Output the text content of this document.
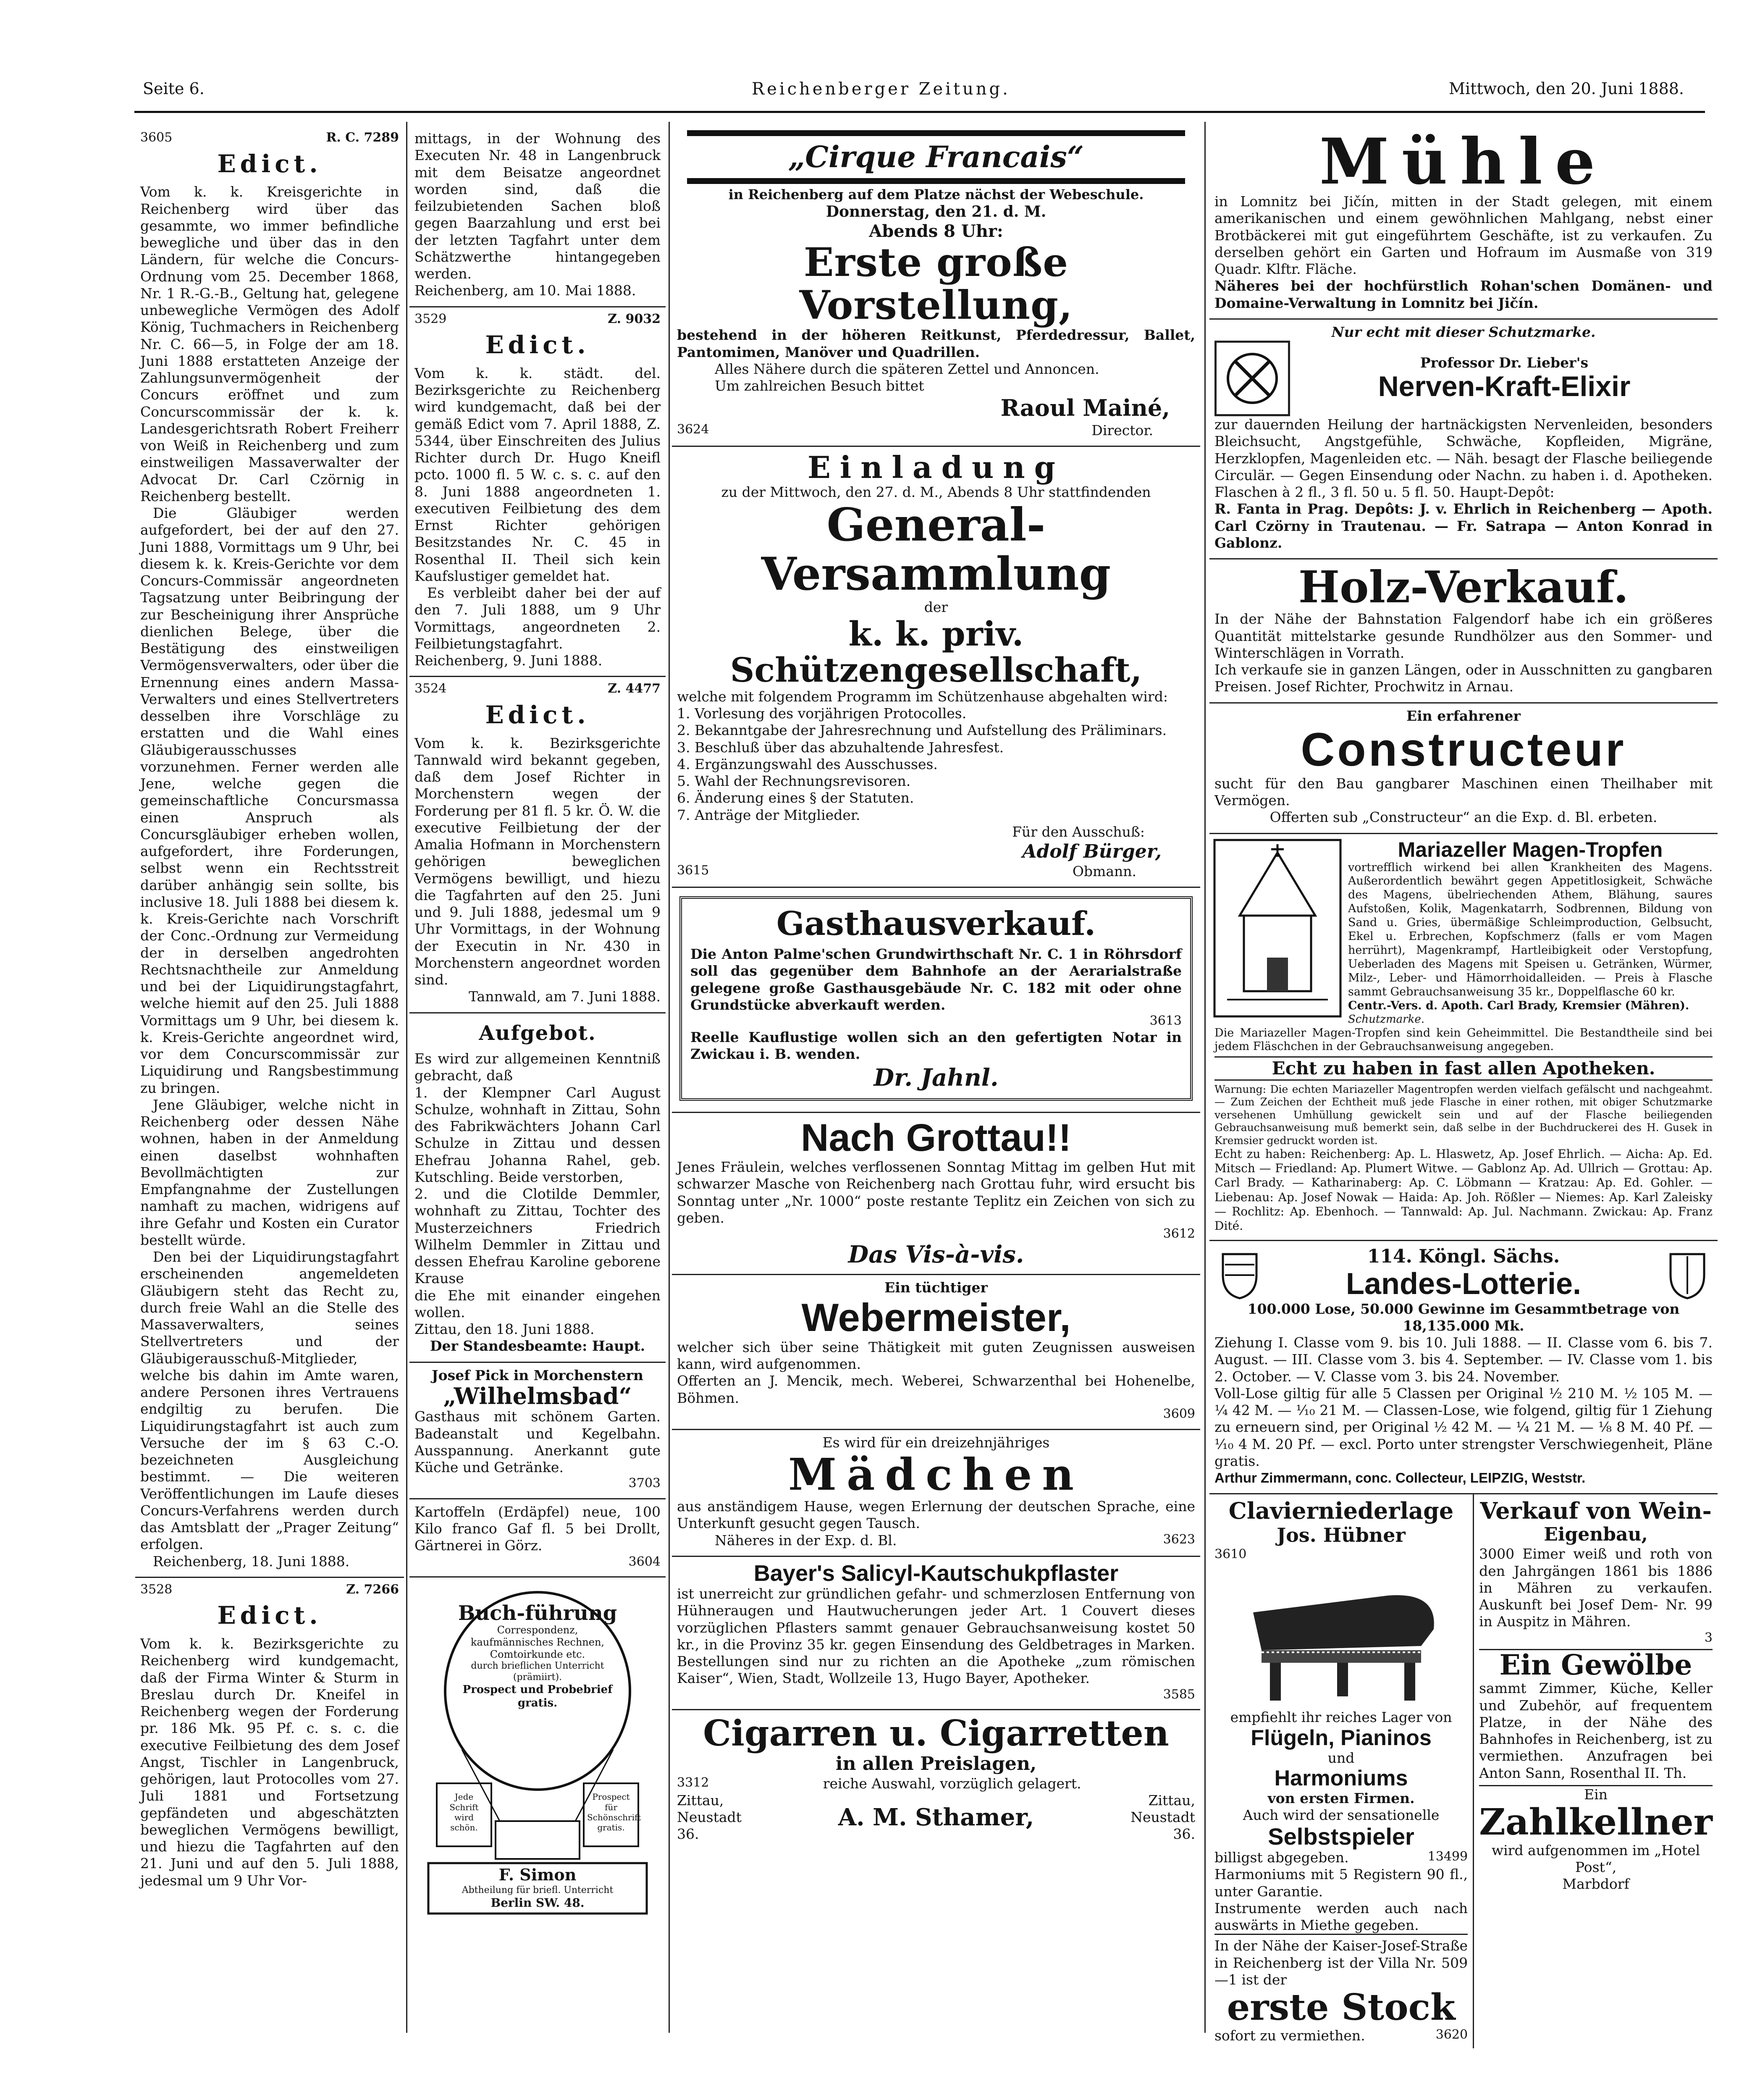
Seite 6.	Reichenberger Zeitung.	Mittwoch, den 20. Juni 1888.
3605	R. C. 7289
Edict.
Vom k. k. Kreisgerichte in Reichenberg wird über das gesammte, wo immer befindliche bewegliche und über das in den Ländern, für welche die Concurs-Ordnung vom 25. December 1868, Nr. 1 R.-G.-B., Geltung hat, gelegene unbewegliche Vermögen des Adolf König, Tuchmachers in Reichenberg Nr. C. 66—5, in Folge der am 18. Juni 1888 erstatteten Anzeige der Zahlungsunvermögenheit der Concurs eröffnet und zum Concurscommissär der k. k. Landesgerichtsrath Robert Freiherr von Weiß in Reichenberg und zum einstweiligen Massaverwalter der Advocat Dr. Carl Czörnig in Reichenberg bestellt.
Die Gläubiger werden aufgefordert, bei der auf den 27. Juni 1888, Vormittags um 9 Uhr, bei diesem k. k. Kreis-Gerichte vor dem Concurs-Commissär angeordneten Tagsatzung unter Beibringung der zur Bescheinigung ihrer Ansprüche dienlichen Belege, über die Bestätigung des einstweiligen Vermögensverwalters, oder über die Ernennung eines andern Massa-Verwalters und eines Stellvertreters desselben ihre Vorschläge zu erstatten und die Wahl eines Gläubigerausschusses vorzunehmen. Ferner werden alle Jene, welche gegen die gemeinschaftliche Concursmassa einen Anspruch als Concursgläubiger erheben wollen, aufgefordert, ihre Forderungen, selbst wenn ein Rechtsstreit darüber anhängig sein sollte, bis inclusive 18. Juli 1888 bei diesem k. k. Kreis-Gerichte nach Vorschrift der Conc.-Ordnung zur Vermeidung der in derselben angedrohten Rechtsnachtheile zur Anmeldung und bei der Liquidirungstagfahrt, welche hiemit auf den 25. Juli 1888 Vormittags um 9 Uhr, bei diesem k. k. Kreis-Gerichte angeordnet wird, vor dem Concurscommissär zur Liquidirung und Rangsbestimmung zu bringen.
Jene Gläubiger, welche nicht in Reichenberg oder dessen Nähe wohnen, haben in der Anmeldung einen daselbst wohnhaften Bevollmächtigten zur Empfangnahme der Zustellungen namhaft zu machen, widrigens auf ihre Gefahr und Kosten ein Curator bestellt würde.
Den bei der Liquidirungstagfahrt erscheinenden angemeldeten Gläubigern steht das Recht zu, durch freie Wahl an die Stelle des Massaverwalters, seines Stellvertreters und der Gläubigerausschuß-Mitglieder, welche bis dahin im Amte waren, andere Personen ihres Vertrauens endgiltig zu berufen. Die Liquidirungstagfahrt ist auch zum Versuche der im § 63 C.-O. bezeichneten Ausgleichung bestimmt. — Die weiteren Veröffentlichungen im Laufe dieses Concurs-Verfahrens werden durch das Amtsblatt der „Prager Zeitung“ erfolgen.
Reichenberg, 18. Juni 1888.
3528	Z. 7266
Edict.
Vom k. k. Bezirksgerichte zu Reichenberg wird kundgemacht, daß der Firma Winter & Sturm in Breslau durch Dr. Kneifel in Reichenberg wegen der Forderung pr. 186 Mk. 95 Pf. c. s. c. die executive Feilbietung des dem Josef Angst, Tischler in Langenbruck, gehörigen, laut Protocolles vom 27. Juli 1881 und Fortsetzung gepfändeten und abgeschätzten beweglichen Vermögens bewilligt, und hiezu die Tagfahrten auf den 21. Juni und auf den 5. Juli 1888, jedesmal um 9 Uhr Vor-
mittags, in der Wohnung des Executen Nr. 48 in Langenbruck mit dem Beisatze angeordnet worden sind, daß die feilzubietenden Sachen bloß gegen Baarzahlung und erst bei der letzten Tagfahrt unter dem Schätzwerthe hintangegeben werden.
Reichenberg, am 10. Mai 1888.
3529	Z. 9032
Edict.
Vom k. k. städt. del. Bezirksgerichte zu Reichenberg wird kundgemacht, daß bei der gemäß Edict vom 7. April 1888, Z. 5344, über Einschreiten des Julius Richter durch Dr. Hugo Kneifl pcto. 1000 fl. 5 W. c. s. c. auf den 8. Juni 1888 angeordneten 1. executiven Feilbietung des dem Ernst Richter gehörigen Besitzstandes Nr. C. 45 in Rosenthal II. Theil sich kein Kaufslustiger gemeldet hat.
Es verbleibt daher bei der auf den 7. Juli 1888, um 9 Uhr Vormittags, angeordneten 2. Feilbietungstagfahrt.
Reichenberg, 9. Juni 1888.
3524	Z. 4477
Edict.
Vom k. k. Bezirksgerichte Tannwald wird bekannt gegeben, daß dem Josef Richter in Morchenstern wegen der Forderung per 81 fl. 5 kr. Ö. W. die executive Feilbietung der der Amalia Hofmann in Morchenstern gehörigen beweglichen Vermögens bewilligt, und hiezu die Tagfahrten auf den 25. Juni und 9. Juli 1888, jedesmal um 9 Uhr Vormittags, in der Wohnung der Executin in Nr. 430 in Morchenstern angeordnet worden sind.
Tannwald, am 7. Juni 1888.
Aufgebot.
Es wird zur allgemeinen Kenntniß gebracht, daß
1. der Klempner Carl August Schulze, wohnhaft in Zittau, Sohn des Fabrikwächters Johann Carl Schulze in Zittau und dessen Ehefrau Johanna Rahel, geb. Kutschling. Beide verstorben,
2. und die Clotilde Demmler, wohnhaft zu Zittau, Tochter des Musterzeichners Friedrich Wilhelm Demmler in Zittau und dessen Ehefrau Karoline geborene Krause
die Ehe mit einander eingehen wollen.
Zittau, den 18. Juni 1888.
Der Standesbeamte: Haupt.
Josef Pick in Morchenstern
„Wilhelmsbad“
Gasthaus mit schönem Garten. Badeanstalt und Kegelbahn. Ausspannung. Anerkannt gute Küche und Getränke.
3703
Kartoffeln (Erdäpfel) neue, 100 Kilo franco Gaf fl. 5 bei Drollt, Gärtnerei in Görz.
3604
Buch-führung
Correspondenz,
kaufmännisches Rechnen,
Comtoirkunde etc.
durch brieflichen Unterricht
(prämiirt).
Prospect und Probebrief
gratis.
Jede Schrift wird schön.
Prospect für Schönschrift gratis.
F. Simon
Abtheilung für briefl. Unterricht
Berlin SW. 48.
„Cirque Francais“
in Reichenberg auf dem Platze nächst der Webeschule.
Donnerstag, den 21. d. M.
Abends 8 Uhr:
Erste große Vorstellung,
bestehend in der höheren Reitkunst, Pferdedressur, Ballet, Pantomimen, Manöver und Quadrillen.
Alles Nähere durch die späteren Zettel und Annoncen.
Um zahlreichen Besuch bittet
Raoul Mainé,
3624	Director.
Einladung
zu der Mittwoch, den 27. d. M., Abends 8 Uhr stattfindenden
General-Versammlung
der
k. k. priv. Schützengesellschaft,
welche mit folgendem Programm im Schützenhause abgehalten wird:
1. Vorlesung des vorjährigen Protocolles.
2. Bekanntgabe der Jahresrechnung und Aufstellung des Präliminars.
3. Beschluß über das abzuhaltende Jahresfest.
4. Ergänzungswahl des Ausschusses.
5. Wahl der Rechnungsrevisoren.
6. Änderung eines § der Statuten.
7. Anträge der Mitglieder.
Für den Ausschuß:
Adolf Bürger,
3615	Obmann.
Gasthausverkauf.
Die Anton Palme'schen Grundwirthschaft Nr. C. 1 in Röhrsdorf soll das gegenüber dem Bahnhofe an der Aerarialstraße gelegene große Gasthausgebäude Nr. C. 182 mit oder ohne Grundstücke abverkauft werden.
3613
Reelle Kauflustige wollen sich an den gefertigten Notar in Zwickau i. B. wenden.
Dr. Jahnl.
Nach Grottau!!
Jenes Fräulein, welches verflossenen Sonntag Mittag im gelben Hut mit schwarzer Masche von Reichenberg nach Grottau fuhr, wird ersucht bis Sonntag unter „Nr. 1000“ poste restante Teplitz ein Zeichen von sich zu geben.
3612
Das Vis-à-vis.
Ein tüchtiger
Webermeister,
welcher sich über seine Thätigkeit mit guten Zeugnissen ausweisen kann, wird aufgenommen.
Offerten an J. Mencik, mech. Weberei, Schwarzenthal bei Hohenelbe, Böhmen.
3609
Es wird für ein dreizehnjähriges
Mädchen
aus anständigem Hause, wegen Erlernung der deutschen Sprache, eine Unterkunft gesucht gegen Tausch.
Näheres in der Exp. d. Bl.	3623
Bayer's Salicyl-Kautschukpflaster
ist unerreicht zur gründlichen gefahr- und schmerzlosen Entfernung von Hühneraugen und Hautwucherungen jeder Art. 1 Couvert dieses vorzüglichen Pflasters sammt genauer Gebrauchsanweisung kostet 50 kr., in die Provinz 35 kr. gegen Einsendung des Geldbetrages in Marken. Bestellungen sind nur zu richten an die Apotheke „zum römischen Kaiser“, Wien, Stadt, Wollzeile 13, Hugo Bayer, Apotheker.
3585
Cigarren u. Cigarretten
in allen Preislagen,
3312	reiche Auswahl, vorzüglich gelagert.
Zittau, Neustadt 36.
A. M. Sthamer,
Zittau, Neustadt 36.
Mühle
in Lomnitz bei Jičín, mitten in der Stadt gelegen, mit einem amerikanischen und einem gewöhnlichen Mahlgang, nebst einer Brotbäckerei mit gut eingeführtem Geschäfte, ist zu verkaufen. Zu derselben gehört ein Garten und Hofraum im Ausmaße von 319 Quadr. Klftr. Fläche.
Näheres bei der hochfürstlich Rohan'schen Domänen- und Domaine-Verwaltung in Lomnitz bei Jičín.
Nur echt mit dieser Schutzmarke.
Professor Dr. Lieber's
Nerven-Kraft-Elixir
zur dauernden Heilung der hartnäckigsten Nervenleiden, besonders Bleichsucht, Angstgefühle, Schwäche, Kopfleiden, Migräne, Herzklopfen, Magenleiden etc. — Näh. besagt der Flasche beiliegende Circulär. — Gegen Einsendung oder Nachn. zu haben i. d. Apotheken. Flaschen à 2 fl., 3 fl. 50 u. 5 fl. 50. Haupt-Depôt:
R. Fanta in Prag. Depôts: J. v. Ehrlich in Reichenberg — Apoth. Carl Czörny in Trautenau. — Fr. Satrapa — Anton Konrad in Gablonz.
Holz-Verkauf.
In der Nähe der Bahnstation Falgendorf habe ich ein größeres Quantität mittelstarke gesunde Rundhölzer aus den Sommer- und Winterschlägen in Vorrath.
Ich verkaufe sie in ganzen Längen, oder in Ausschnitten zu gangbaren Preisen. Josef Richter, Prochwitz in Arnau.
Ein erfahrener
Constructeur
sucht für den Bau gangbarer Maschinen einen Theilhaber mit Vermögen.
Offerten sub „Constructeur“ an die Exp. d. Bl. erbeten.
Mariazeller Magen-Tropfen
vortrefflich wirkend bei allen Krankheiten des Magens. Außerordentlich bewährt gegen Appetitlosigkeit, Schwäche des Magens, übelriechenden Athem, Blähung, saures Aufstoßen, Kolik, Magenkatarrh, Sodbrennen, Bildung von Sand u. Gries, übermäßige Schleimproduction, Gelbsucht, Ekel u. Erbrechen, Kopfschmerz (falls er vom Magen herrührt), Magenkrampf, Hartleibigkeit oder Verstopfung, Ueberladen des Magens mit Speisen u. Getränken, Würmer, Milz-, Leber- und Hämorrhoidalleiden. — Preis à Flasche sammt Gebrauchsanweisung 35 kr., Doppelflasche 60 kr.
Centr.-Vers. d. Apoth. Carl Brady, Kremsier (Mähren).
Schutzmarke.
Die Mariazeller Magen-Tropfen sind kein Geheimmittel. Die Bestandtheile sind bei jedem Fläschchen in der Gebrauchsanweisung angegeben.
Echt zu haben in fast allen Apotheken.
Warnung: Die echten Mariazeller Magentropfen werden vielfach gefälscht und nachgeahmt. — Zum Zeichen der Echtheit muß jede Flasche in einer rothen, mit obiger Schutzmarke versehenen Umhüllung gewickelt sein und auf der Flasche beiliegenden Gebrauchsanweisung muß bemerkt sein, daß selbe in der Buchdruckerei des H. Gusek in Kremsier gedruckt worden ist.
Echt zu haben: Reichenberg: Ap. L. Hlaswetz, Ap. Josef Ehrlich. — Aicha: Ap. Ed. Mitsch — Friedland: Ap. Plumert Witwe. — Gablonz Ap. Ad. Ullrich — Grottau: Ap. Carl Brady. — Katharinaberg: Ap. C. Löbmann — Kratzau: Ap. Ed. Gohler. — Liebenau: Ap. Josef Nowak — Haida: Ap. Joh. Rößler — Niemes: Ap. Karl Zaleisky — Rochlitz: Ap. Ebenhoch. — Tannwald: Ap. Jul. Nachmann. Zwickau: Ap. Franz Dité.
114. Köngl. Sächs.
Landes-Lotterie.
100.000 Lose, 50.000 Gewinne im Gesammtbetrage von 18,135.000 Mk.
Ziehung I. Classe vom 9. bis 10. Juli 1888. — II. Classe vom 6. bis 7. August. — III. Classe vom 3. bis 4. September. — IV. Classe vom 1. bis 2. October. — V. Classe vom 3. bis 24. November.
Voll-Lose giltig für alle 5 Classen per Original ½ 210 M. ½ 105 M. — ¼ 42 M. — ⅒ 21 M. — Classen-Lose, wie folgend, giltig für 1 Ziehung zu erneuern sind, per Original ½ 42 M. — ¼ 21 M. — ⅛ 8 M. 40 Pf. — ⅒ 4 M. 20 Pf. — excl. Porto unter strengster Verschwiegenheit, Pläne gratis.
Arthur Zimmermann, conc. Collecteur, LEIPZIG, Weststr.
Clavierniederlage
Jos. Hübner
3610
empfiehlt ihr reiches Lager von
Flügeln, Pianinos
und
Harmoniums
von ersten Firmen.
Auch wird der sensationelle
Selbstspieler
billigst abgegeben.	13499
Harmoniums mit 5 Registern 90 fl., unter Garantie.
Instrumente werden auch nach auswärts in Miethe gegeben.
In der Nähe der Kaiser-Josef-Straße in Reichenberg ist der Villa Nr. 509—1 ist der
erste Stock
sofort zu vermiethen.	3620
Verkauf von Wein-
Eigenbau,
3000 Eimer weiß und roth von den Jahrgängen 1861 bis 1886 in Mähren zu verkaufen. Auskunft bei Josef Dem- Nr. 99 in Auspitz in Mähren.
3
Ein Gewölbe
sammt Zimmer, Küche, Keller und Zubehör, auf frequentem Platze, in der Nähe des Bahnhofes in Reichenberg, ist zu vermiethen. Anzufragen bei Anton Sann, Rosenthal II. Th.
Ein
Zahlkellner
wird aufgenommen im „Hotel Post“,
Marbdorf
